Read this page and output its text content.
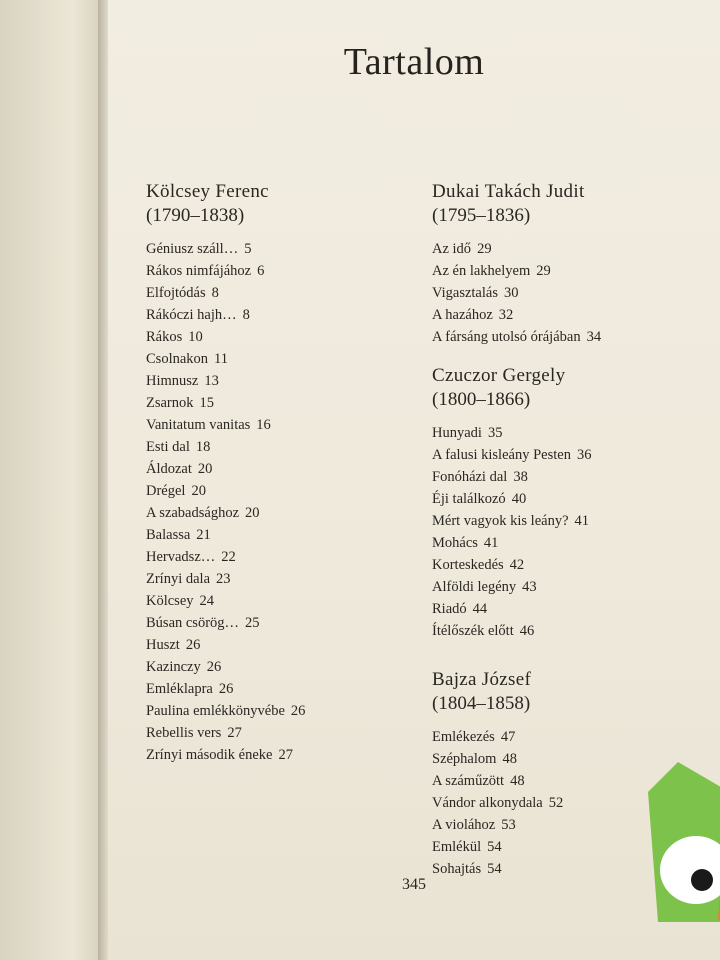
Tartalom
Kölcsey Ferenc
(1790–1838)
Géniusz száll… 5
Rákos nimfájához 6
Elfojtódás 8
Rákóczi hajh… 8
Rákos 10
Csolnakon 11
Himnusz 13
Zsarnok 15
Vanitatum vanitas 16
Esti dal 18
Áldozat 20
Drégel 20
A szabadsághoz 20
Balassa 21
Hervadsz… 22
Zrínyi dala 23
Kölcsey 24
Búsan csörög… 25
Huszt 26
Kazinczy 26
Emléklapra 26
Paulina emlékkönyvébe 26
Rebellis vers 27
Zrínyi második éneke 27
Dukai Takách Judit
(1795–1836)
Az idő 29
Az én lakhelyem 29
Vigasztalás 30
A hazához 32
A fársáng utolsó órájában 34
Czuczor Gergely
(1800–1866)
Hunyadi 35
A falusi kisleány Pesten 36
Fonóházi dal 38
Éji találkozó 40
Mért vagyok kis leány? 41
Mohács 41
Korteskedés 42
Alföldi legény 43
Riadó 44
Ítélőszék előtt 46
Bajza József
(1804–1858)
Emlékezés 47
Széphalom 48
A száműzött 48
Vándor alkonydala 52
A violához 53
Emlékül 54
Sohajtás 54
345
